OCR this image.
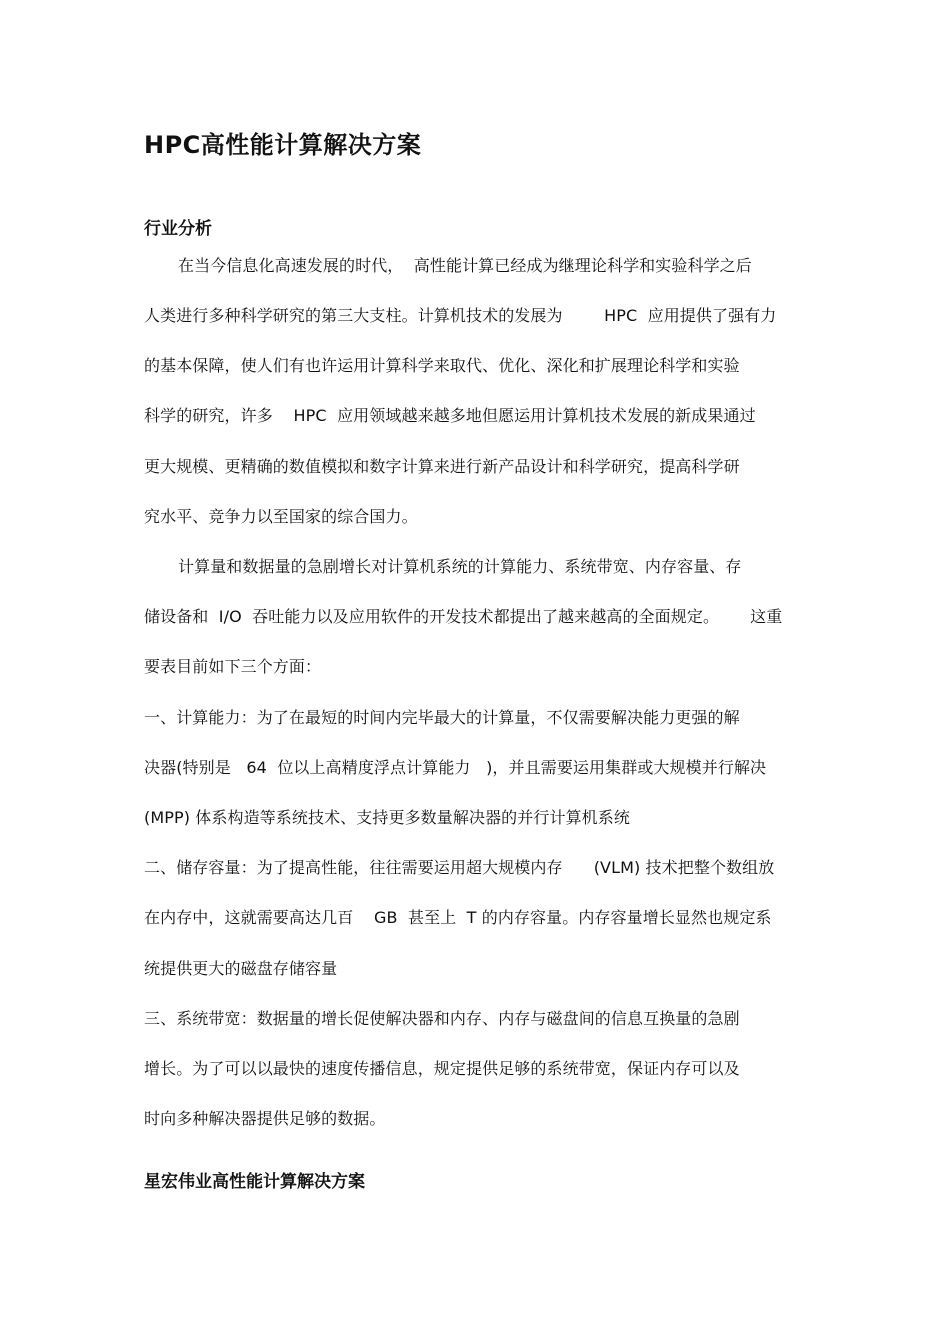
HPC高性能计算解决方案
行业分析
在当今信息化高速发展的时代，  高性能计算已经成为继理论科学和实验科学之后
人类进行多种科学研究的第三大支柱。计算机技术的发展为        HPC  应用提供了强有力
的基本保障，使人们有也许运用计算科学来取代、优化、深化和扩展理论科学和实验
科学的研究，许多    HPC  应用领域越来越多地但愿运用计算机技术发展的新成果通过
更大规模、更精确的数值模拟和数字计算来进行新产品设计和科学研究，提高科学研
究水平、竞争力以至国家的综合国力。
计算量和数据量的急剧增长对计算机系统的计算能力、系统带宽、内存容量、存
储设备和  I/O  吞吐能力以及应用软件的开发技术都提出了越来越高的全面规定。      这重
要表目前如下三个方面：
一、计算能力：为了在最短的时间内完毕最大的计算量，不仅需要解决能力更强的解
决器(特别是   64  位以上高精度浮点计算能力   )，并且需要运用集群或大规模并行解决
(MPP) 体系构造等系统技术、支持更多数量解决器的并行计算机系统
二、储存容量：为了提高性能，往往需要运用超大规模内存      (VLM) 技术把整个数组放
在内存中，这就需要高达几百    GB  甚至上  T 的内存容量。内存容量增长显然也规定系
统提供更大的磁盘存储容量
三、系统带宽：数据量的增长促使解决器和内存、内存与磁盘间的信息互换量的急剧
增长。为了可以以最快的速度传播信息，规定提供足够的系统带宽，保证内存可以及
时向多种解决器提供足够的数据。
星宏伟业高性能计算解决方案
